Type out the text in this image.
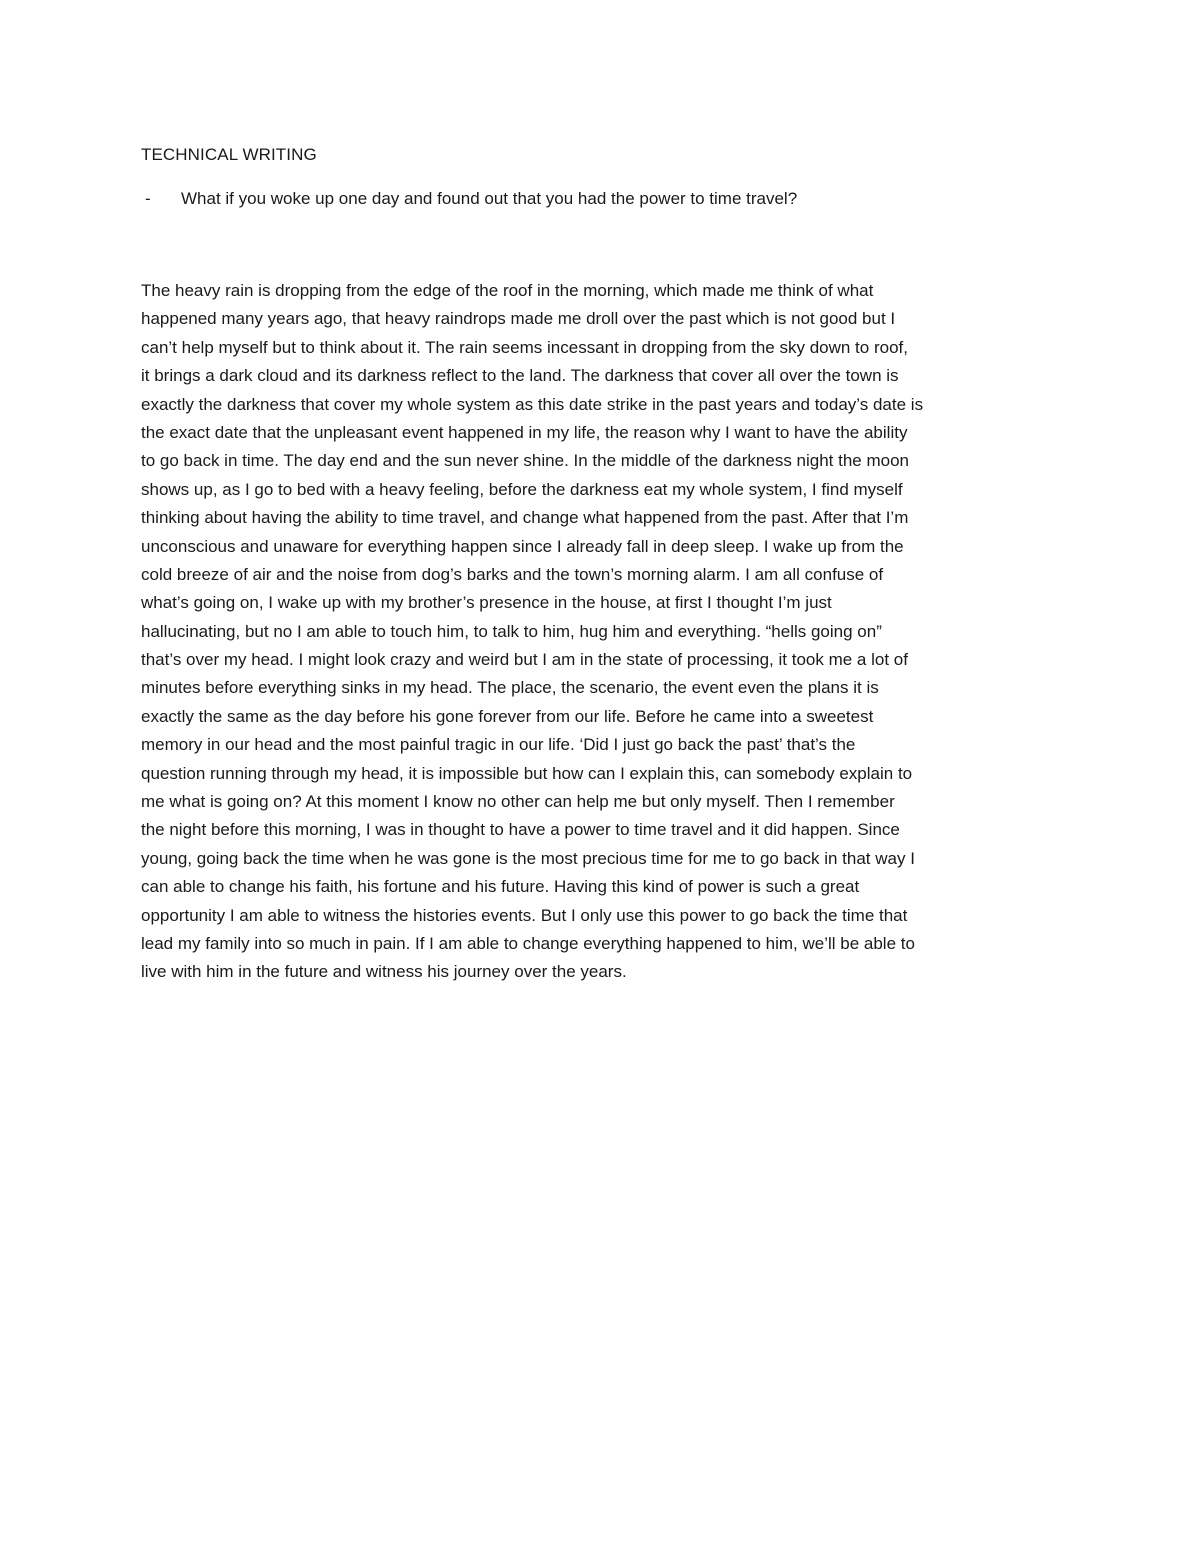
TECHNICAL WRITING
- What if you woke up one day and found out that you had the power to time travel?
The heavy rain is dropping from the edge of the roof in the morning, which made me think of what
happened many years ago, that heavy raindrops made me droll over the past which is not good but I
can’t help myself but to think about it. The rain seems incessant in dropping from the sky down to roof,
it brings a dark cloud and its darkness reflect to the land. The darkness that cover all over the town is
exactly the darkness that cover my whole system as this date strike in the past years and today’s date is
the exact date that the unpleasant event happened in my life, the reason why I want to have the ability
to go back in time. The day end and the sun never shine. In the middle of the darkness night the moon
shows up, as I go to bed with a heavy feeling, before the darkness eat my whole system, I find myself
thinking about having the ability to time travel, and change what happened from the past. After that I’m
unconscious and unaware for everything happen since I already fall in deep sleep. I wake up from the
cold breeze of air and the noise from dog’s barks and the town’s morning alarm. I am all confuse of
what’s going on, I wake up with my brother’s presence in the house, at first I thought I’m just
hallucinating, but no I am able to touch him, to talk to him, hug him and everything. “hells going on”
that’s over my head. I might look crazy and weird but I am in the state of processing, it took me a lot of
minutes before everything sinks in my head. The place, the scenario, the event even the plans it is
exactly the same as the day before his gone forever from our life. Before he came into a sweetest
memory in our head and the most painful tragic in our life. ‘Did I just go back the past’ that’s the
question running through my head, it is impossible but how can I explain this, can somebody explain to
me what is going on? At this moment I know no other can help me but only myself. Then I remember
the night before this morning, I was in thought to have a power to time travel and it did happen. Since
young, going back the time when he was gone is the most precious time for me to go back in that way I
can able to change his faith, his fortune and his future. Having this kind of power is such a great
opportunity I am able to witness the histories events. But I only use this power to go back the time that
lead my family into so much in pain. If I am able to change everything happened to him, we’ll be able to
live with him in the future and witness his journey over the years.
